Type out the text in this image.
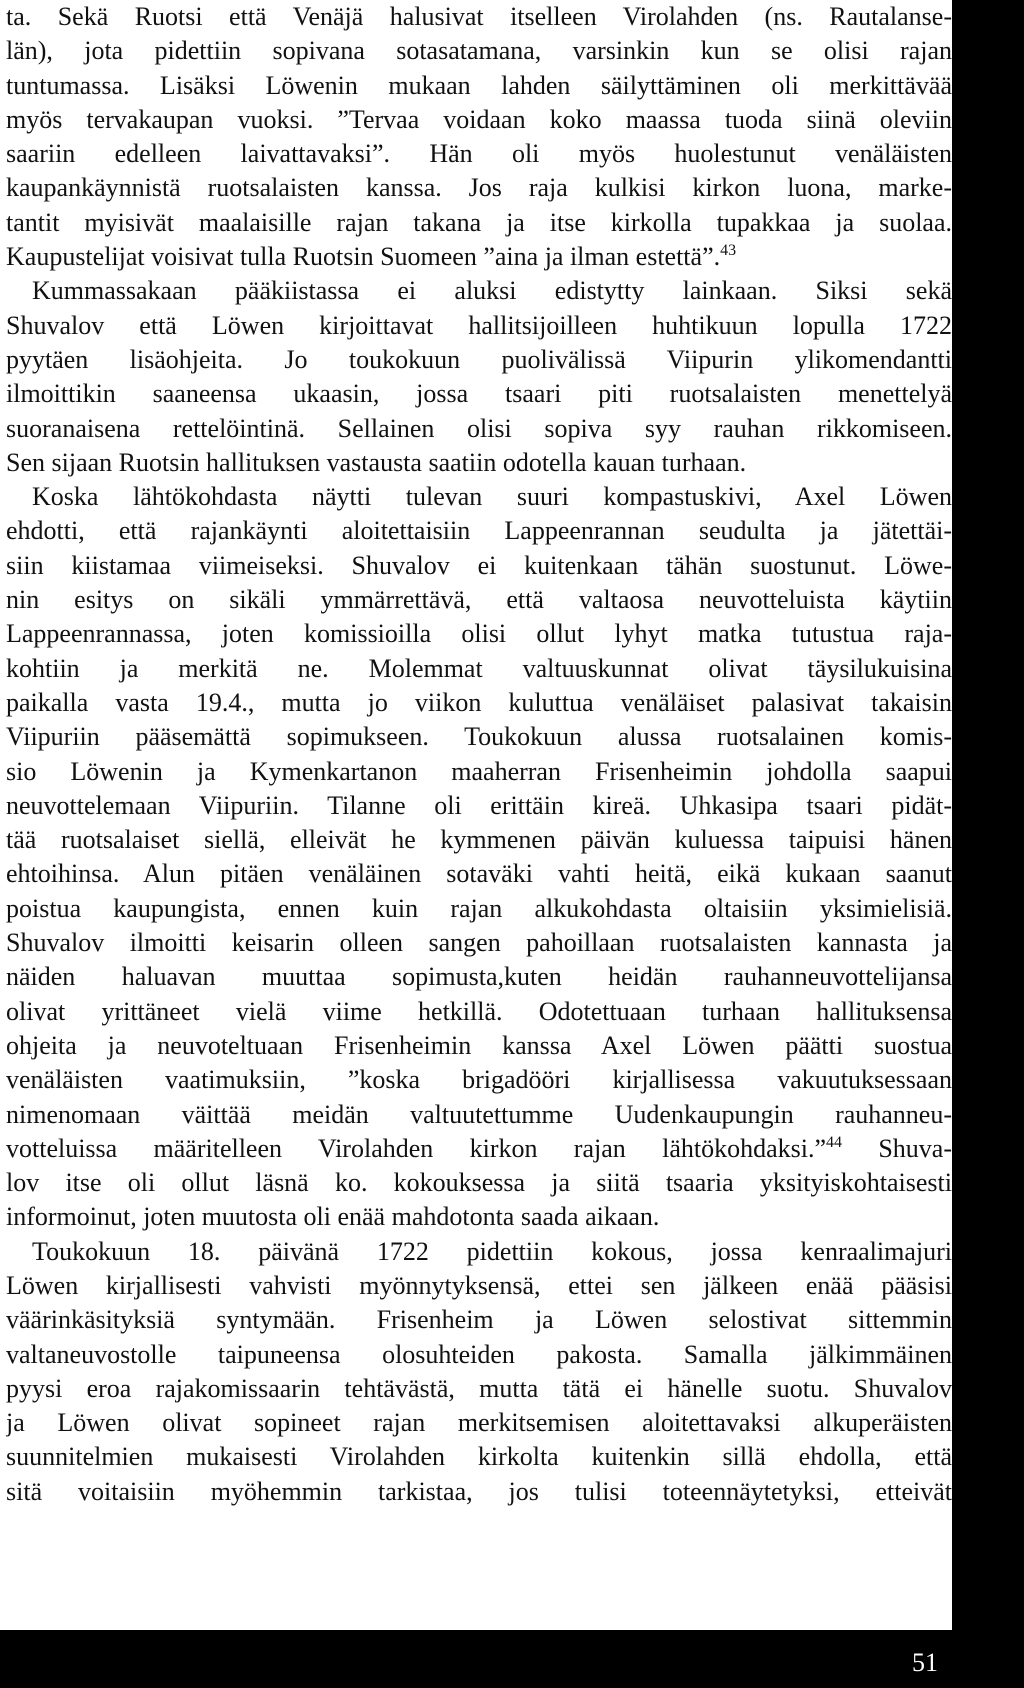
ta. Sekä Ruotsi että Venäjä halusivat itselleen Virolahden (ns. Rautalanse-
län), jota pidettiin sopivana sotasatamana, varsinkin kun se olisi rajan
tuntumassa. Lisäksi Löwenin mukaan lahden säilyttäminen oli merkittävää
myös tervakaupan vuoksi. ”Tervaa voidaan koko maassa tuoda siinä oleviin
saariin edelleen laivattavaksi”. Hän oli myös huolestunut venäläisten
kaupankäynnistä ruotsalaisten kanssa. Jos raja kulkisi kirkon luona, marke-
tantit myisivät maalaisille rajan takana ja itse kirkolla tupakkaa ja suolaa.
Kaupustelijat voisivat tulla Ruotsin Suomeen ”aina ja ilman estettä”.$^{43}$
Kummassakaan pääkiistassa ei aluksi edistytty lainkaan. Siksi sekä
Shuvalov että Löwen kirjoittavat hallitsijoilleen huhtikuun lopulla 1722
pyytäen lisäohjeita. Jo toukokuun puolivälissä Viipurin ylikomendantti
ilmoittikin saaneensa ukaasin, jossa tsaari piti ruotsalaisten menettelyä
suoranaisena rettelöintinä. Sellainen olisi sopiva syy rauhan rikkomiseen.
Sen sijaan Ruotsin hallituksen vastausta saatiin odotella kauan turhaan.
Koska lähtökohdasta näytti tulevan suuri kompastuskivi, Axel Löwen
ehdotti, että rajankäynti aloitettaisiin Lappeenrannan seudulta ja jätettäi-
siin kiistamaa viimeiseksi. Shuvalov ei kuitenkaan tähän suostunut. Löwe-
nin esitys on sikäli ymmärrettävä, että valtaosa neuvotteluista käytiin
Lappeenrannassa, joten komissioilla olisi ollut lyhyt matka tutustua raja-
kohtiin ja merkitä ne. Molemmat valtuuskunnat olivat täysilukuisina
paikalla vasta 19.4., mutta jo viikon kuluttua venäläiset palasivat takaisin
Viipuriin pääsemättä sopimukseen. Toukokuun alussa ruotsalainen komis-
sio Löwenin ja Kymenkartanon maaherran Frisenheimin johdolla saapui
neuvottelemaan Viipuriin. Tilanne oli erittäin kireä. Uhkasipa tsaari pidät-
tää ruotsalaiset siellä, elleivät he kymmenen päivän kuluessa taipuisi hänen
ehtoihinsa. Alun pitäen venäläinen sotaväki vahti heitä, eikä kukaan saanut
poistua kaupungista, ennen kuin rajan alkukohdasta oltaisiin yksimielisiä.
Shuvalov ilmoitti keisarin olleen sangen pahoillaan ruotsalaisten kannasta ja
näiden haluavan muuttaa sopimusta,kuten heidän rauhanneuvottelijansa
olivat yrittäneet vielä viime hetkillä. Odotettuaan turhaan hallituksensa
ohjeita ja neuvoteltuaan Frisenheimin kanssa Axel Löwen päätti suostua
venäläisten vaatimuksiin, ”koska brigadööri kirjallisessa vakuutuksessaan
nimenomaan väittää meidän valtuutettumme Uudenkaupungin rauhanneu-
votteluissa määritelleen Virolahden kirkon rajan lähtökohdaksi.”$^{44}$ Shuva-
lov itse oli ollut läsnä ko. kokouksessa ja siitä tsaaria yksityiskohtaisesti
informoinut, joten muutosta oli enää mahdotonta saada aikaan.
Toukokuun 18. päivänä 1722 pidettiin kokous, jossa kenraalimajuri
Löwen kirjallisesti vahvisti myönnytyksensä, ettei sen jälkeen enää pääsisi
väärinkäsityksiä syntymään. Frisenheim ja Löwen selostivat sittemmin
valtaneuvostolle taipuneensa olosuhteiden pakosta. Samalla jälkimmäinen
pyysi eroa rajakomissaarin tehtävästä, mutta tätä ei hänelle suotu. Shuvalov
ja Löwen olivat sopineet rajan merkitsemisen aloitettavaksi alkuperäisten
suunnitelmien mukaisesti Virolahden kirkolta kuitenkin sillä ehdolla, että
sitä voitaisiin myöhemmin tarkistaa, jos tulisi toteennäytetyksi, etteivät
51
